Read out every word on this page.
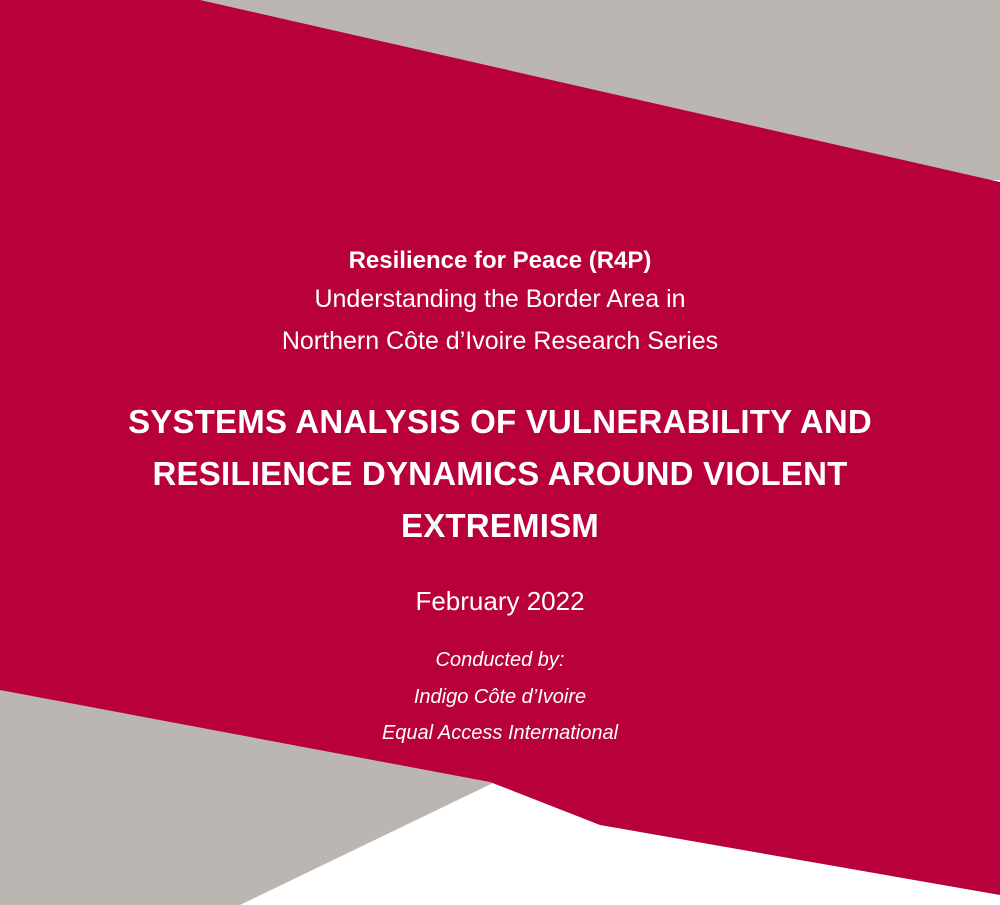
Resilience for Peace (R4P)

Understanding the Border Area in

Northern Côte d’Ivoire Research Series

SYSTEMS ANALYSIS OF VULNERABILITY AND
RESILIENCE DYNAMICS AROUND VIOLENT
EXTREMISM

February 2022

Conducted by:

Indigo Côte d’Ivoire

Equal Access International
